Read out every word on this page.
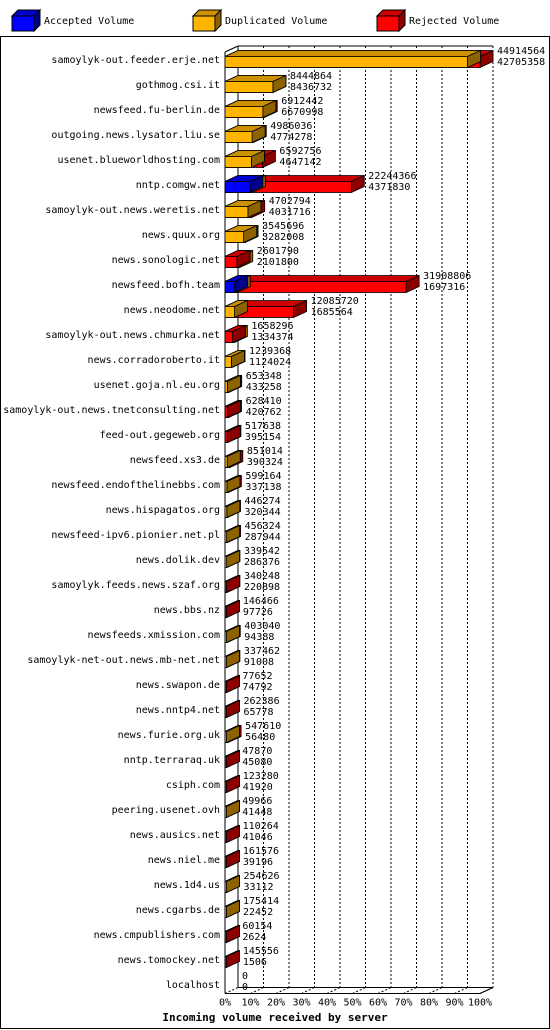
Accepted Volume	Duplicated Volume	Rejected Volume
samoylyk-out.feeder.erje.net
44914564
42705358
gothmog.csi.it
8444864
8436732
newsfeed.fu-berlin.de
6912442
6670998
outgoing.news.lysator.liu.se
4986036
4774278
usenet.blueworldhosting.com
6592756
4647142
nntp.comgw.net
22244366
4371830
samoylyk-out.news.weretis.net
4702794
4031716
news.quux.org
3545696
3282008
news.sonologic.net
2601790
2101800
newsfeed.bofh.team
31908806
1697316
news.neodome.net
12085720
1685564
samoylyk-out.news.chmurka.net
1658296
1334374
news.corradoroberto.it
1239368
1124024
usenet.goja.nl.eu.org
653348
433258
samoylyk-out.news.tnetconsulting.net
628410
420762
feed-out.gegeweb.org
517638
395154
newsfeed.xs3.de
851014
390324
newsfeed.endofthelinebbs.com
599164
337138
news.hispagatos.org
446274
320344
newsfeed-ipv6.pionier.net.pl
456324
287944
news.dolik.dev
339542
286376
samoylyk.feeds.news.szaf.org
340248
220898
news.bbs.nz
146466
97726
newsfeeds.xmission.com
403040
94388
samoylyk-net-out.news.mb-net.net
337462
91008
news.swapon.de
77652
74792
news.nntp4.net
262386
65778
news.furie.org.uk
547610
56480
nntp.terraraq.uk
47870
45080
csiph.com
123280
41920
peering.usenet.ovh
49966
41448
news.ausics.net
110264
41046
news.niel.me
161576
39196
news.1d4.us
254626
33112
news.cgarbs.de
175414
22452
news.cmpublishers.com
60154
2624
news.tomockey.net
145556
1506
localhost
0
0
0% 10% 20% 30% 40% 50% 60% 70% 80% 90% 100%
Incoming volume received by server
